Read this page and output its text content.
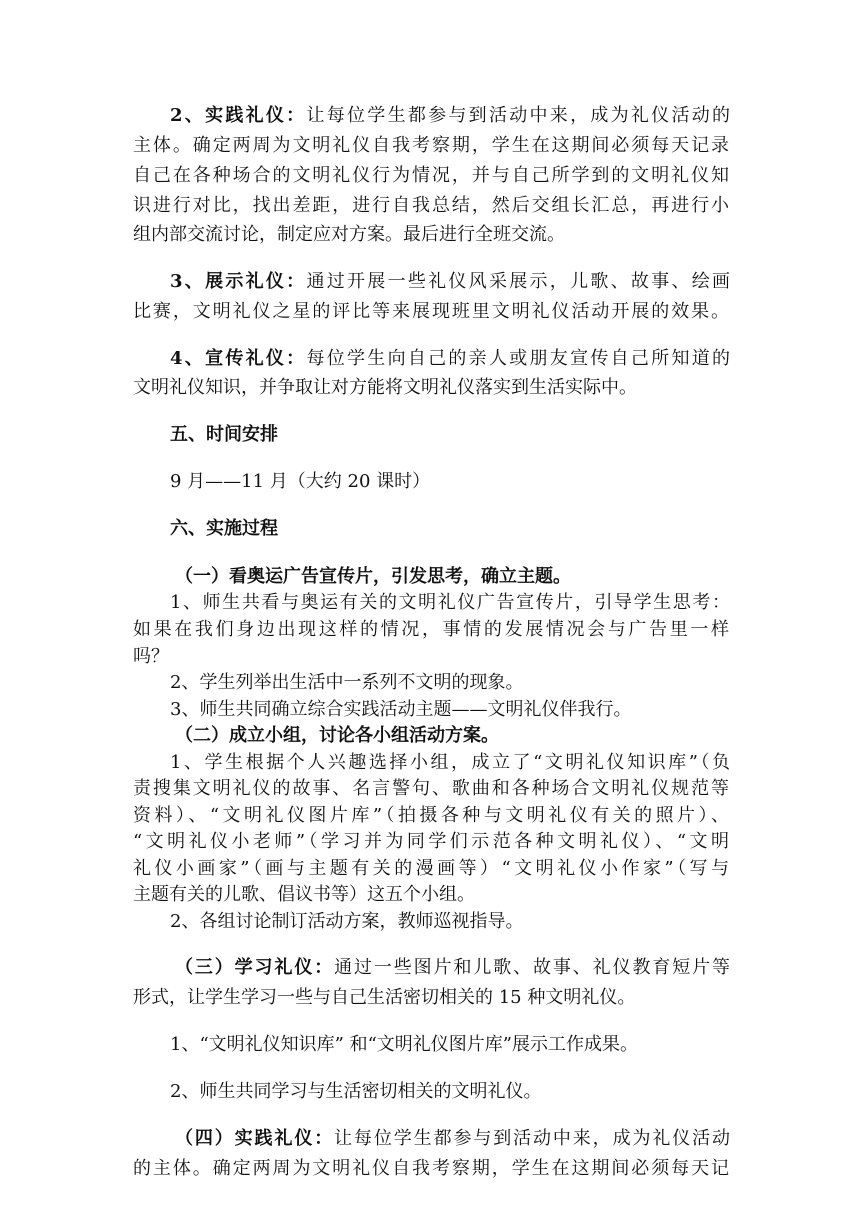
2、实践礼仪：让每位学生都参与到活动中来，成为礼仪活动的
主体。确定两周为文明礼仪自我考察期，学生在这期间必须每天记录
自己在各种场合的文明礼仪行为情况，并与自己所学到的文明礼仪知
识进行对比，找出差距，进行自我总结，然后交组长汇总，再进行小
组内部交流讨论，制定应对方案。最后进行全班交流。
3、展示礼仪：通过开展一些礼仪风采展示，儿歌、故事、绘画
比赛，文明礼仪之星的评比等来展现班里文明礼仪活动开展的效果。
4、宣传礼仪：每位学生向自己的亲人或朋友宣传自己所知道的
文明礼仪知识，并争取让对方能将文明礼仪落实到生活实际中。
五、时间安排
9 月——11 月（大约 20 课时）
六、实施过程
（一）看奥运广告宣传片，引发思考，确立主题。
1、师生共看与奥运有关的文明礼仪广告宣传片，引导学生思考：
如果在我们身边出现这样的情况，事情的发展情况会与广告里一样
吗？
2、学生列举出生活中一系列不文明的现象。
3、师生共同确立综合实践活动主题——文明礼仪伴我行。
（二）成立小组，讨论各小组活动方案。
1、学生根据个人兴趣选择小组，成立了“文明礼仪知识库”（负
责搜集文明礼仪的故事、名言警句、歌曲和各种场合文明礼仪规范等
资料）、“文明礼仪图片库”（拍摄各种与文明礼仪有关的照片）、
“文明礼仪小老师”（学习并为同学们示范各种文明礼仪）、“文明
礼仪小画家”（画与主题有关的漫画等）“文明礼仪小作家”（写与
主题有关的儿歌、倡议书等）这五个小组。
2、各组讨论制订活动方案，教师巡视指导。
（三）学习礼仪：通过一些图片和儿歌、故事、礼仪教育短片等
形式，让学生学习一些与自己生活密切相关的 15 种文明礼仪。
1、“文明礼仪知识库” 和“文明礼仪图片库”展示工作成果。
2、师生共同学习与生活密切相关的文明礼仪。
（四）实践礼仪：让每位学生都参与到活动中来，成为礼仪活动
的主体。确定两周为文明礼仪自我考察期，学生在这期间必须每天记
